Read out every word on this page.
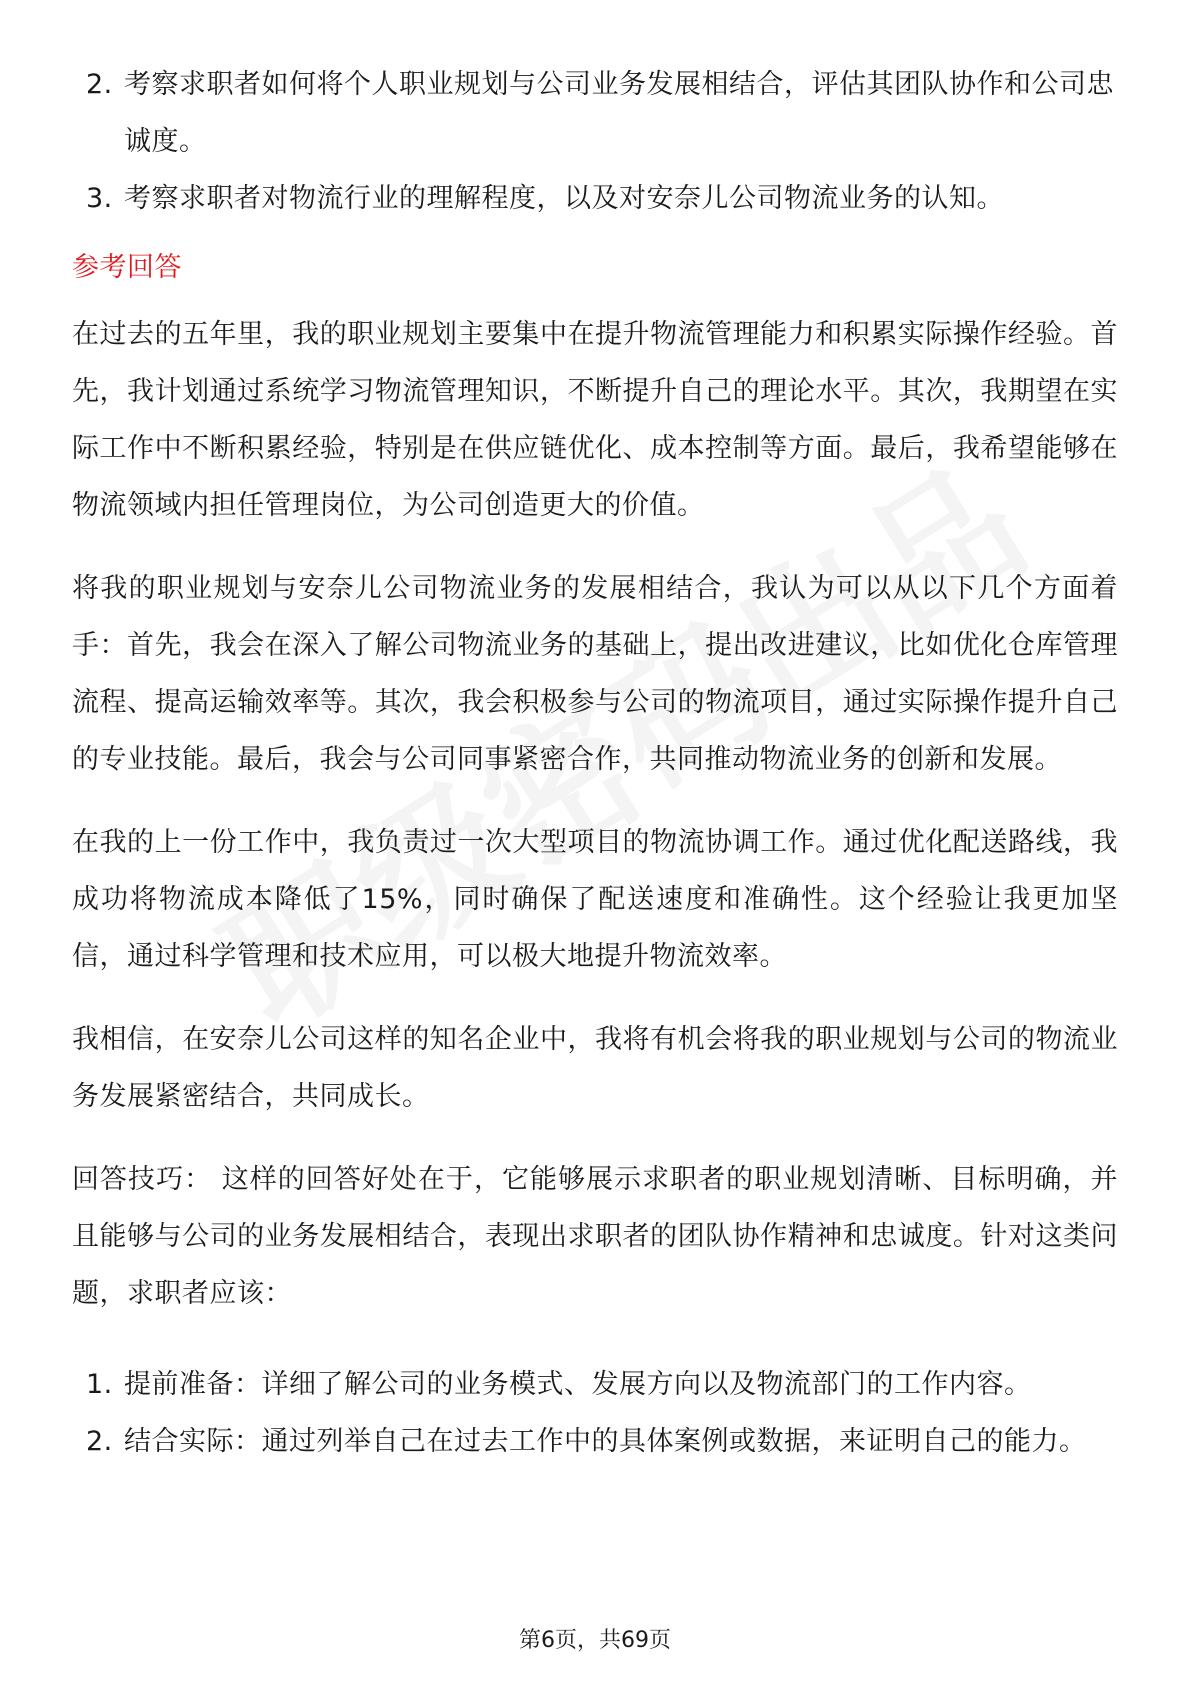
2. 考察求职者如何将个人职业规划与公司业务发展相结合，评估其团队协作和公司忠诚度。
3. 考察求职者对物流行业的理解程度，以及对安奈儿公司物流业务的认知。
参考回答

在过去的五年里，我的职业规划主要集中在提升物流管理能力和积累实际操作经验。首先，我计划通过系统学习物流管理知识，不断提升自己的理论水平。其次，我期望在实际工作中不断积累经验，特别是在供应链优化、成本控制等方面。最后，我希望能够在物流领域内担任管理岗位，为公司创造更大的价值。

将我的职业规划与安奈儿公司物流业务的发展相结合，我认为可以从以下几个方面着手：首先，我会在深入了解公司物流业务的基础上，提出改进建议，比如优化仓库管理流程、提高运输效率等。其次，我会积极参与公司的物流项目，通过实际操作提升自己的专业技能。最后，我会与公司同事紧密合作，共同推动物流业务的创新和发展。

在我的上一份工作中，我负责过一次大型项目的物流协调工作。通过优化配送路线，我成功将物流成本降低了15%，同时确保了配送速度和准确性。这个经验让我更加坚信，通过科学管理和技术应用，可以极大地提升物流效率。

我相信，在安奈儿公司这样的知名企业中，我将有机会将我的职业规划与公司的物流业务发展紧密结合，共同成长。

回答技巧： 这样的回答好处在于，它能够展示求职者的职业规划清晰、目标明确，并且能够与公司的业务发展相结合，表现出求职者的团队协作精神和忠诚度。针对这类问题，求职者应该：

1. 提前准备：详细了解公司的业务模式、发展方向以及物流部门的工作内容。
2. 结合实际：通过列举自己在过去工作中的具体案例或数据，来证明自己的能力。
第6页，共69页
